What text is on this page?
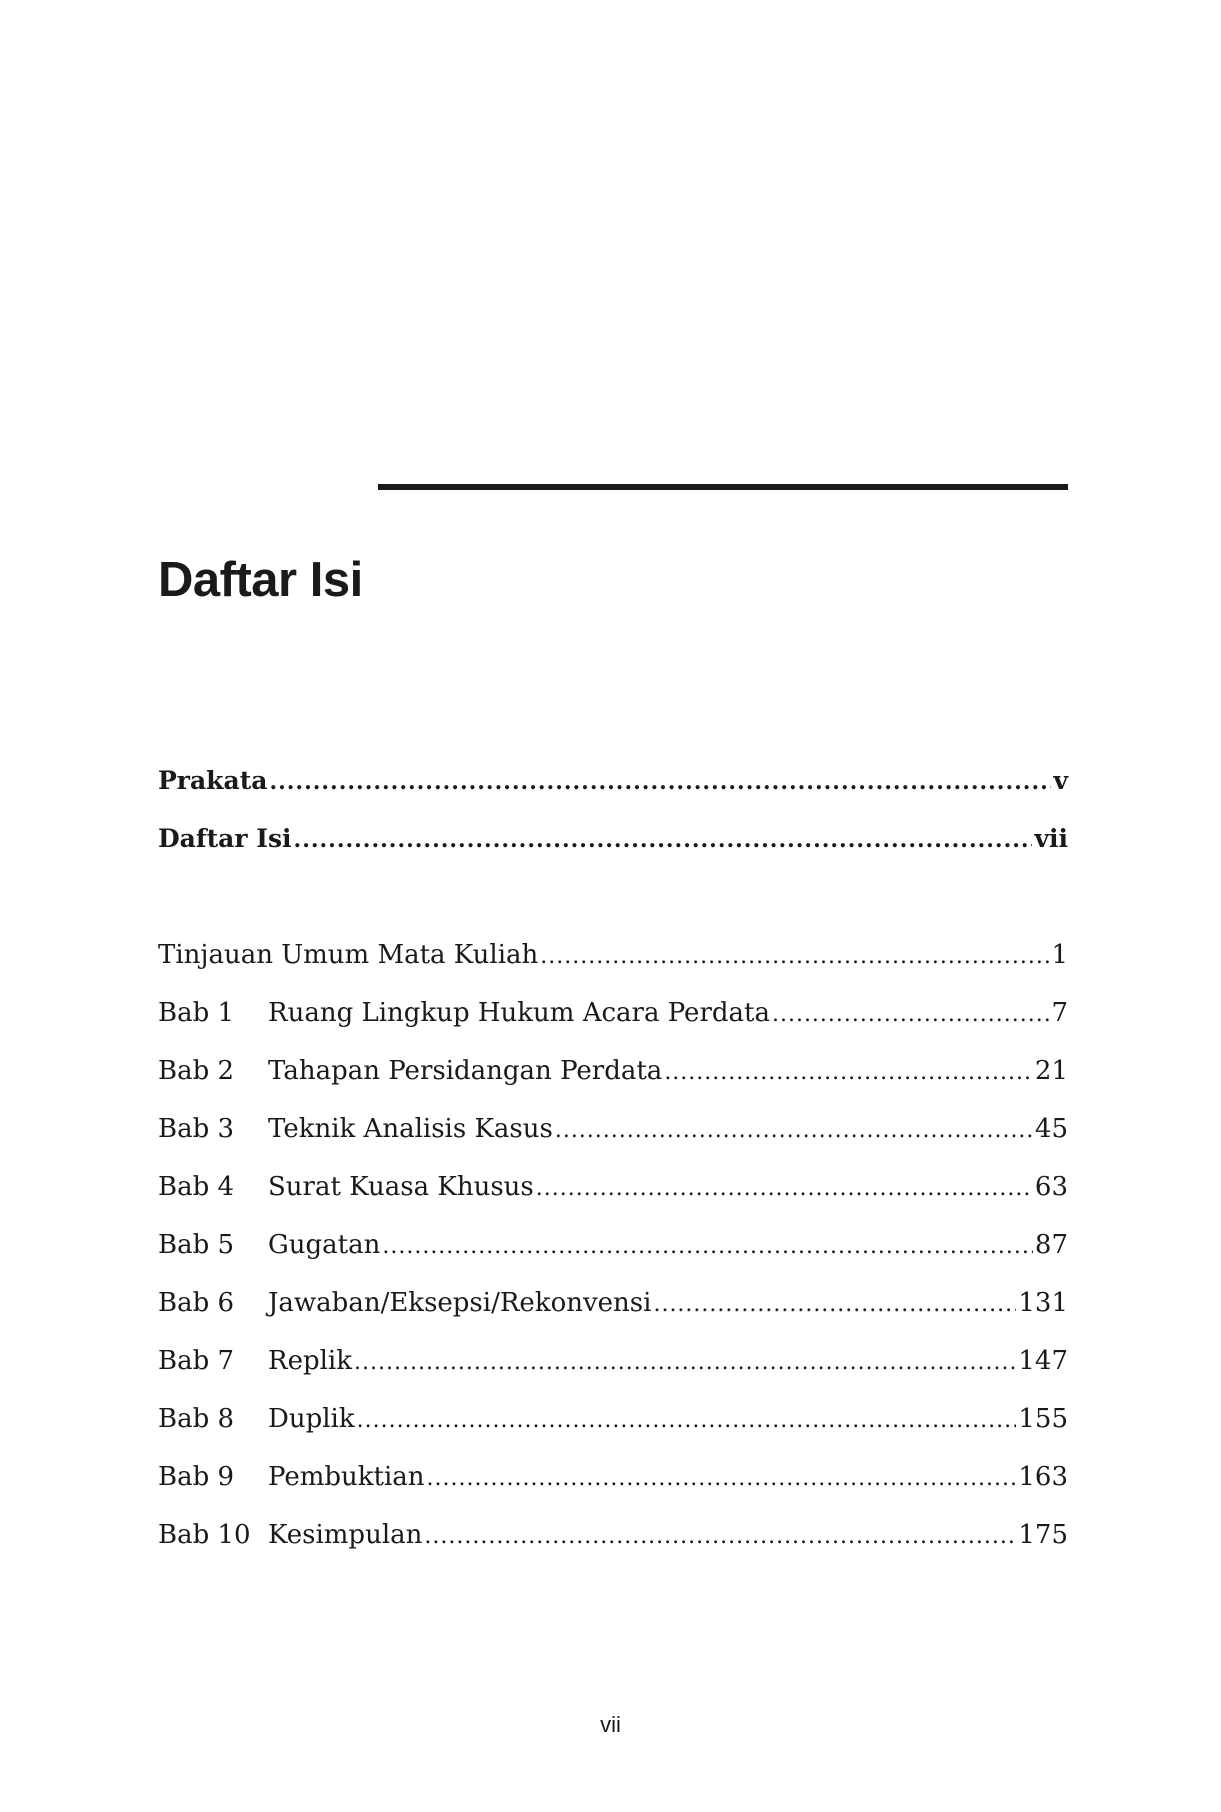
Daftar Isi
Prakata .....	v
Daftar Isi .....	vii
Tinjauan Umum Mata Kuliah .....	1
Bab 1	Ruang Lingkup Hukum Acara Perdata .....	7
Bab 2	Tahapan Persidangan Perdata .....	21
Bab 3	Teknik Analisis Kasus .....	45
Bab 4	Surat Kuasa Khusus .....	63
Bab 5	Gugatan .....	87
Bab 6	Jawaban/Eksepsi/Rekonvensi .....	131
Bab 7	Replik .....	147
Bab 8	Duplik .....	155
Bab 9	Pembuktian .....	163
Bab 10 Kesimpulan .....	175
vii
